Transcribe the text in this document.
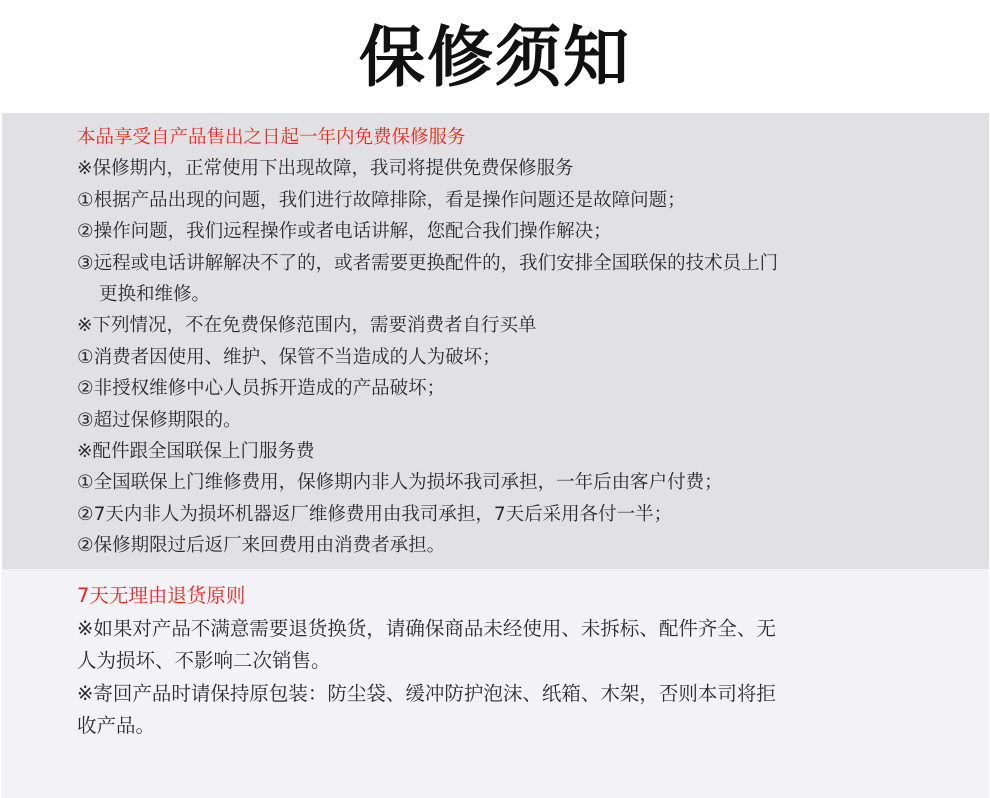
保修须知
本品享受自产品售出之日起一年内免费保修服务
※保修期内，正常使用下出现故障，我司将提供免费保修服务
①根据产品出现的问题，我们进行故障排除，看是操作问题还是故障问题；
②操作问题，我们远程操作或者电话讲解，您配合我们操作解决；
③远程或电话讲解解决不了的，或者需要更换配件的，我们安排全国联保的技术员上门
更换和维修。
※下列情况，不在免费保修范围内，需要消费者自行买单
①消费者因使用、维护、保管不当造成的人为破坏；
②非授权维修中心人员拆开造成的产品破坏；
③超过保修期限的。
※配件跟全国联保上门服务费
①全国联保上门维修费用，保修期内非人为损坏我司承担，一年后由客户付费；
②7天内非人为损坏机器返厂维修费用由我司承担，7天后采用各付一半；
②保修期限过后返厂来回费用由消费者承担。
7天无理由退货原则
※如果对产品不满意需要退货换货，请确保商品未经使用、未拆标、配件齐全、无
人为损坏、不影响二次销售。
※寄回产品时请保持原包装：防尘袋、缓冲防护泡沫、纸箱、木架，否则本司将拒
收产品。
